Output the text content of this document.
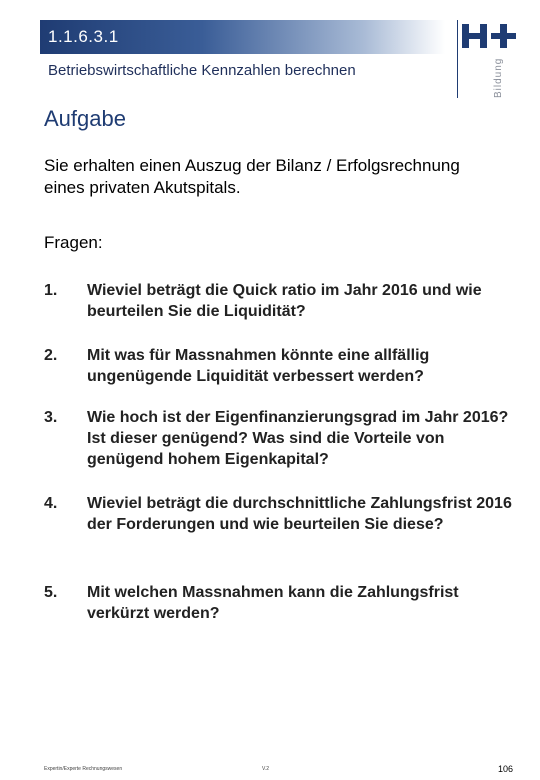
1.1.6.3.1
Betriebswirtschaftliche Kennzahlen berechnen	Bildung
Aufgabe
Sie erhalten einen Auszug der Bilanz / Erfolgsrechnung eines privaten Akutspitals.
Fragen:
1. Wieviel beträgt die Quick ratio im Jahr 2016 und wie beurteilen Sie die Liquidität?
2. Mit was für Massnahmen könnte eine allfällig ungenügende Liquidität verbessert werden?
3. Wie hoch ist der Eigenfinanzierungsgrad im Jahr 2016? Ist dieser genügend? Was sind die Vorteile von genügend hohem Eigenkapital?
4. Wieviel beträgt die durchschnittliche Zahlungsfrist 2016 der Forderungen und wie beurteilen Sie diese?
5. Mit welchen Massnahmen kann die Zahlungsfrist verkürzt werden?
Expertin/Experte Rechnungswesen	V.2	106
